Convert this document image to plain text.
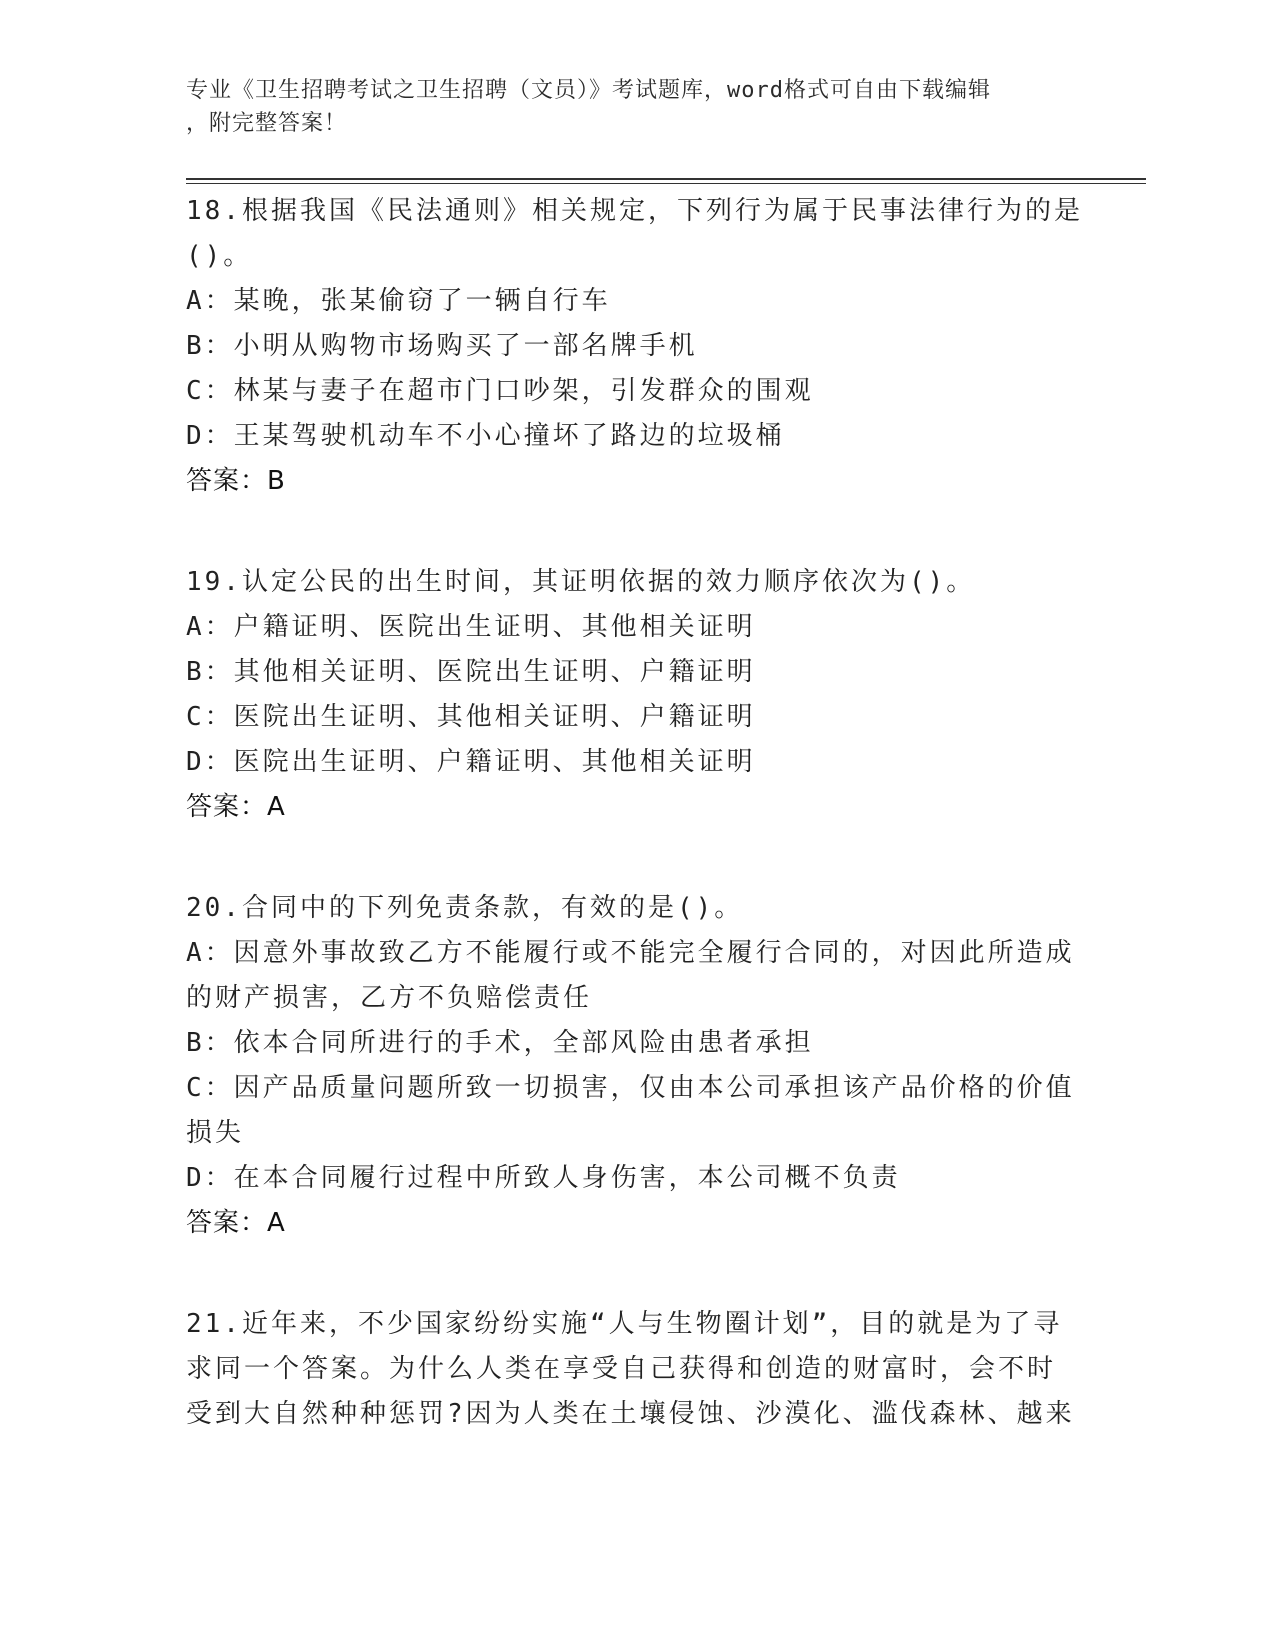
专业《卫生招聘考试之卫生招聘（文员）》考试题库，word格式可自由下载编辑
，附完整答案！
18.根据我国《民法通则》相关规定，下列行为属于民事法律行为的是
()。
A：某晚，张某偷窃了一辆自行车
B：小明从购物市场购买了一部名牌手机
C：林某与妻子在超市门口吵架，引发群众的围观
D：王某驾驶机动车不小心撞坏了路边的垃圾桶
答案：B
19.认定公民的出生时间，其证明依据的效力顺序依次为()。
A：户籍证明、医院出生证明、其他相关证明
B：其他相关证明、医院出生证明、户籍证明
C：医院出生证明、其他相关证明、户籍证明
D：医院出生证明、户籍证明、其他相关证明
答案：A
20.合同中的下列免责条款，有效的是()。
A：因意外事故致乙方不能履行或不能完全履行合同的，对因此所造成
的财产损害，乙方不负赔偿责任
B：依本合同所进行的手术，全部风险由患者承担
C：因产品质量问题所致一切损害，仅由本公司承担该产品价格的价值
损失
D：在本合同履行过程中所致人身伤害，本公司概不负责
答案：A
21.近年来，不少国家纷纷实施“人与生物圈计划”，目的就是为了寻
求同一个答案。为什么人类在享受自己获得和创造的财富时，会不时
受到大自然种种惩罚?因为人类在土壤侵蚀、沙漠化、滥伐森林、越来
